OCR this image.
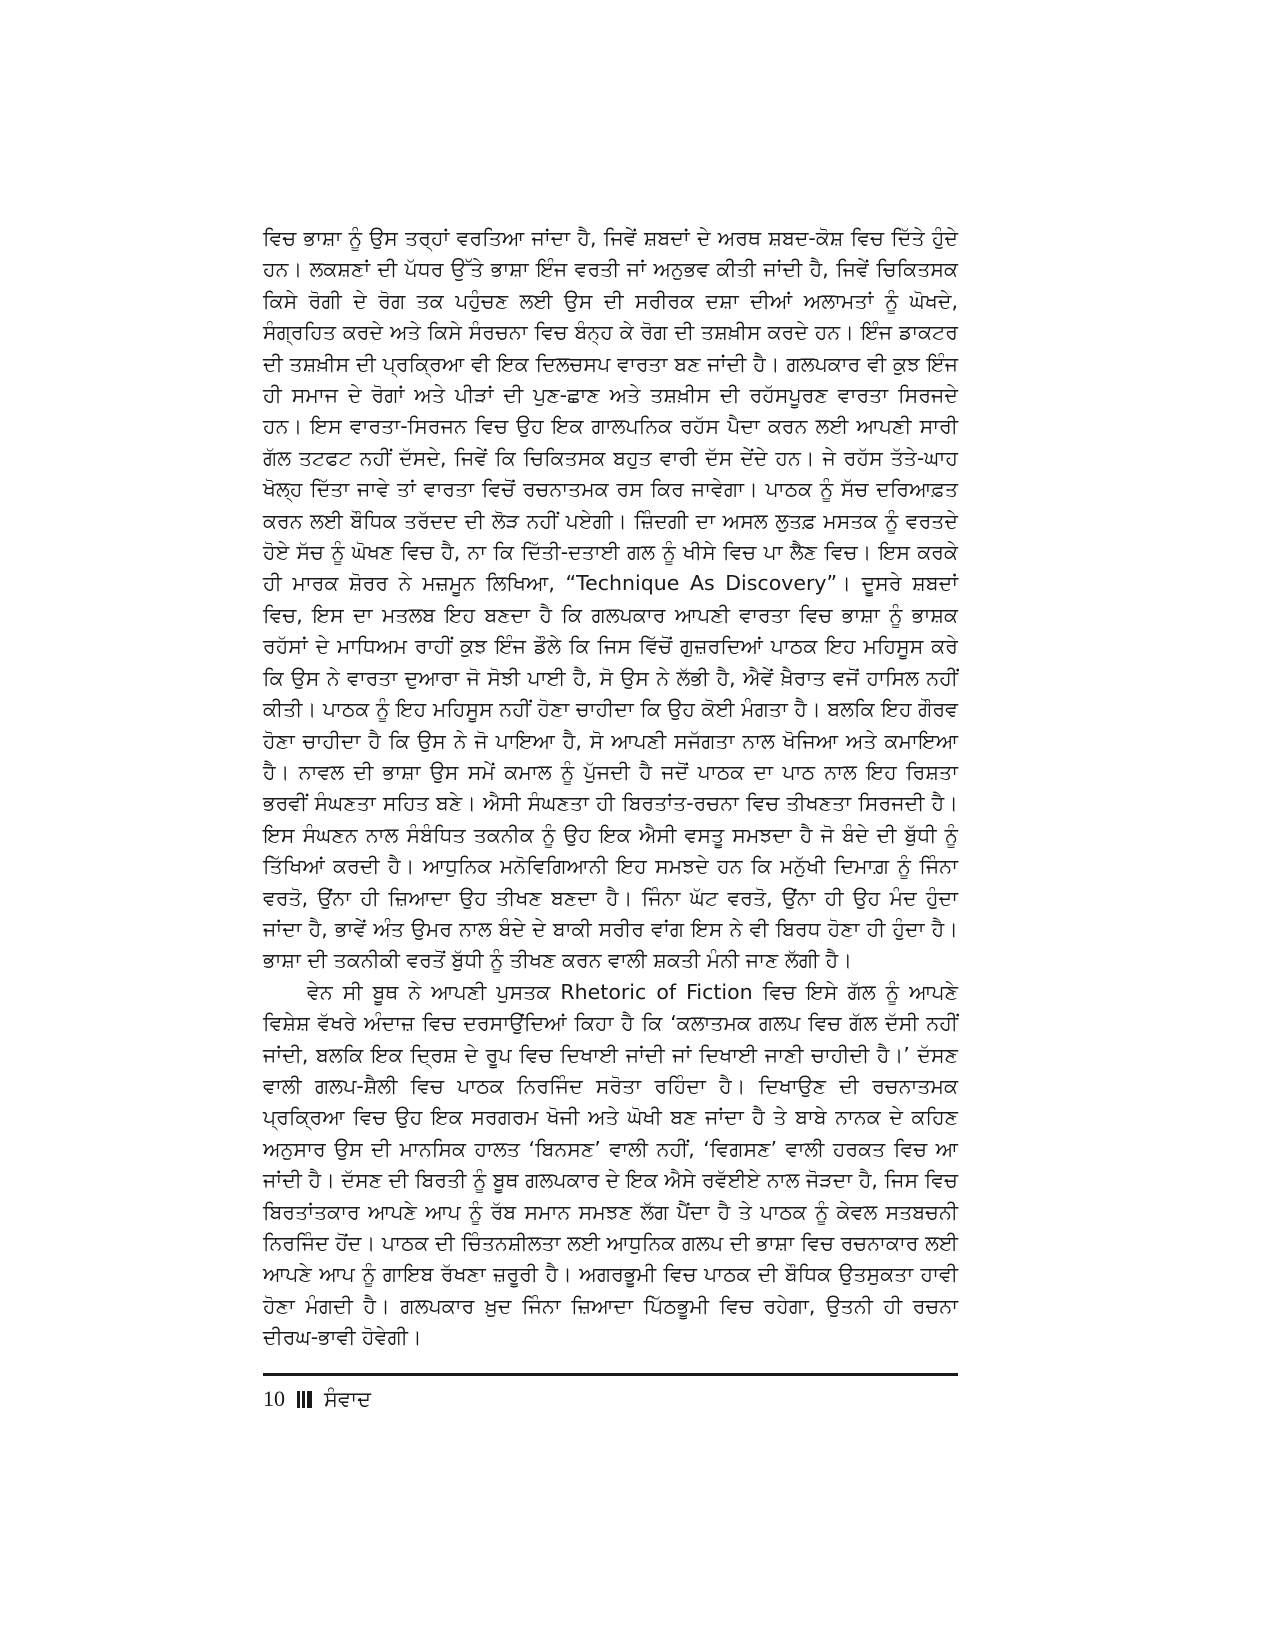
ਵਿਚ ਭਾਸ਼ਾ ਨੂੰ ਉਸ ਤਰ੍ਹਾਂ ਵਰਤਿਆ ਜਾਂਦਾ ਹੈ, ਜਿਵੇਂ ਸ਼ਬਦਾਂ ਦੇ ਅਰਥ ਸ਼ਬਦ-ਕੋਸ਼ ਵਿਚ ਦਿੱਤੇ ਹੁੰਦੇ ਹਨ। ਲਕਸ਼ਣਾਂ ਦੀ ਪੱਧਰ ਉੱਤੇ ਭਾਸ਼ਾ ਇੰਜ ਵਰਤੀ ਜਾਂ ਅਨੁਭਵ ਕੀਤੀ ਜਾਂਦੀ ਹੈ, ਜਿਵੇਂ ਚਿਕਿਤਸਕ ਕਿਸੇ ਰੋਗੀ ਦੇ ਰੋਗ ਤਕ ਪਹੁੰਚਣ ਲਈ ਉਸ ਦੀ ਸਰੀਰਕ ਦਸ਼ਾ ਦੀਆਂ ਅਲਾਮਤਾਂ ਨੂੰ ਘੋਖਦੇ, ਸੰਗ੍ਰਹਿਤ ਕਰਦੇ ਅਤੇ ਕਿਸੇ ਸੰਰਚਨਾ ਵਿਚ ਬੰਨ੍ਹ ਕੇ ਰੋਗ ਦੀ ਤਸ਼ਖ਼ੀਸ ਕਰਦੇ ਹਨ। ਇੰਜ ਡਾਕਟਰ ਦੀ ਤਸ਼ਖ਼ੀਸ ਦੀ ਪ੍ਰਕ੍ਰਿਆ ਵੀ ਇਕ ਦਿਲਚਸਪ ਵਾਰਤਾ ਬਣ ਜਾਂਦੀ ਹੈ। ਗਲਪਕਾਰ ਵੀ ਕੁਝ ਇੰਜ ਹੀ ਸਮਾਜ ਦੇ ਰੋਗਾਂ ਅਤੇ ਪੀੜਾਂ ਦੀ ਪੁਣ-ਛਾਣ ਅਤੇ ਤਸ਼ਖ਼ੀਸ ਦੀ ਰਹੱਸਪੂਰਣ ਵਾਰਤਾ ਸਿਰਜਦੇ ਹਨ। ਇਸ ਵਾਰਤਾ-ਸਿਰਜਨ ਵਿਚ ਉਹ ਇਕ ਗਾਲਪਨਿਕ ਰਹੱਸ ਪੈਦਾ ਕਰਨ ਲਈ ਆਪਣੀ ਸਾਰੀ ਗੱਲ ਤਟਫਟ ਨਹੀਂ ਦੱਸਦੇ, ਜਿਵੇਂ ਕਿ ਚਿਕਿਤਸਕ ਬਹੁਤ ਵਾਰੀ ਦੱਸ ਦੇਂਦੇ ਹਨ। ਜੇ ਰਹੱਸ ਤੱਤੇ-ਘਾਹ ਖੋਲ੍ਹ ਦਿੱਤਾ ਜਾਵੇ ਤਾਂ ਵਾਰਤਾ ਵਿਚੋਂ ਰਚਨਾਤਮਕ ਰਸ ਕਿਰ ਜਾਵੇਗਾ। ਪਾਠਕ ਨੂੰ ਸੱਚ ਦਰਿਆਫ਼ਤ ਕਰਨ ਲਈ ਬੌਧਿਕ ਤਰੱਦਦ ਦੀ ਲੋੜ ਨਹੀਂ ਪਏਗੀ। ਜ਼ਿੰਦਗੀ ਦਾ ਅਸਲ ਲੁਤਫ਼ ਮਸਤਕ ਨੂੰ ਵਰਤਦੇ ਹੋਏ ਸੱਚ ਨੂੰ ਘੋਖਣ ਵਿਚ ਹੈ, ਨਾ ਕਿ ਦਿੱਤੀ-ਦਤਾਈ ਗਲ ਨੂੰ ਖੀਸੇ ਵਿਚ ਪਾ ਲੈਣ ਵਿਚ। ਇਸ ਕਰਕੇ ਹੀ ਮਾਰਕ ਸ਼ੋਰਰ ਨੇ ਮਜ਼ਮੂਨ ਲਿਖਿਆ, “Technique As Discovery”। ਦੂਸਰੇ ਸ਼ਬਦਾਂ ਵਿਚ, ਇਸ ਦਾ ਮਤਲਬ ਇਹ ਬਣਦਾ ਹੈ ਕਿ ਗਲਪਕਾਰ ਆਪਣੀ ਵਾਰਤਾ ਵਿਚ ਭਾਸ਼ਾ ਨੂੰ ਭਾਸ਼ਕ ਰਹੱਸਾਂ ਦੇ ਮਾਧਿਅਮ ਰਾਹੀਂ ਕੁਝ ਇੰਜ ਡੌਲੇ ਕਿ ਜਿਸ ਵਿੱਚੋਂ ਗੁਜ਼ਰਦਿਆਂ ਪਾਠਕ ਇਹ ਮਹਿਸੂਸ ਕਰੇ ਕਿ ਉਸ ਨੇ ਵਾਰਤਾ ਦੁਆਰਾ ਜੋ ਸੋਝੀ ਪਾਈ ਹੈ, ਸੋ ਉਸ ਨੇ ਲੱਭੀ ਹੈ, ਐਵੇਂ ਖ਼ੈਰਾਤ ਵਜੋਂ ਹਾਸਿਲ ਨਹੀਂ ਕੀਤੀ। ਪਾਠਕ ਨੂੰ ਇਹ ਮਹਿਸੂਸ ਨਹੀਂ ਹੋਣਾ ਚਾਹੀਦਾ ਕਿ ਉਹ ਕੋਈ ਮੰਗਤਾ ਹੈ। ਬਲਕਿ ਇਹ ਗੌਰਵ ਹੋਣਾ ਚਾਹੀਦਾ ਹੈ ਕਿ ਉਸ ਨੇ ਜੋ ਪਾਇਆ ਹੈ, ਸੋ ਆਪਣੀ ਸਜੱਗਤਾ ਨਾਲ ਖੋਜਿਆ ਅਤੇ ਕਮਾਇਆ ਹੈ। ਨਾਵਲ ਦੀ ਭਾਸ਼ਾ ਉਸ ਸਮੇਂ ਕਮਾਲ ਨੂੰ ਪੁੱਜਦੀ ਹੈ ਜਦੋਂ ਪਾਠਕ ਦਾ ਪਾਠ ਨਾਲ ਇਹ ਰਿਸ਼ਤਾ ਭਰਵੀਂ ਸੰਘਣਤਾ ਸਹਿਤ ਬਣੇ। ਐਸੀ ਸੰਘਣਤਾ ਹੀ ਬਿਰਤਾਂਤ-ਰਚਨਾ ਵਿਚ ਤੀਖਣਤਾ ਸਿਰਜਦੀ ਹੈ। ਇਸ ਸੰਘਣਨ ਨਾਲ ਸੰਬੰਧਿਤ ਤਕਨੀਕ ਨੂੰ ਉਹ ਇਕ ਐਸੀ ਵਸਤੂ ਸਮਝਦਾ ਹੈ ਜੋ ਬੰਦੇ ਦੀ ਬੁੱਧੀ ਨੂੰ ਤਿੱਖਿਆਂ ਕਰਦੀ ਹੈ। ਆਧੁਨਿਕ ਮਨੋਵਿਗਿਆਨੀ ਇਹ ਸਮਝਦੇ ਹਨ ਕਿ ਮਨੁੱਖੀ ਦਿਮਾਗ਼ ਨੂੰ ਜਿੰਨਾ ਵਰਤੋ, ਉਂਨਾ ਹੀ ਜ਼ਿਆਦਾ ਉਹ ਤੀਖਣ ਬਣਦਾ ਹੈ। ਜਿੰਨਾ ਘੱਟ ਵਰਤੋ, ਉਂਨਾ ਹੀ ਉਹ ਮੰਦ ਹੁੰਦਾ ਜਾਂਦਾ ਹੈ, ਭਾਵੇਂ ਅੰਤ ਉਮਰ ਨਾਲ ਬੰਦੇ ਦੇ ਬਾਕੀ ਸਰੀਰ ਵਾਂਗ ਇਸ ਨੇ ਵੀ ਬਿਰਧ ਹੋਣਾ ਹੀ ਹੁੰਦਾ ਹੈ। ਭਾਸ਼ਾ ਦੀ ਤਕਨੀਕੀ ਵਰਤੋਂ ਬੁੱਧੀ ਨੂੰ ਤੀਖਣ ਕਰਨ ਵਾਲੀ ਸ਼ਕਤੀ ਮੰਨੀ ਜਾਣ ਲੱਗੀ ਹੈ।

ਵੇਨ ਸੀ ਬੂਥ ਨੇ ਆਪਣੀ ਪੁਸਤਕ Rhetoric of Fiction ਵਿਚ ਇਸੇ ਗੱਲ ਨੂੰ ਆਪਣੇ ਵਿਸ਼ੇਸ਼ ਵੱਖਰੇ ਅੰਦਾਜ਼ ਵਿਚ ਦਰਸਾਉਂਦਿਆਂ ਕਿਹਾ ਹੈ ਕਿ ‘ਕਲਾਤਮਕ ਗਲਪ ਵਿਚ ਗੱਲ ਦੱਸੀ ਨਹੀਂ ਜਾਂਦੀ, ਬਲਕਿ ਇਕ ਦ੍ਰਿਸ਼ ਦੇ ਰੂਪ ਵਿਚ ਦਿਖਾਈ ਜਾਂਦੀ ਜਾਂ ਦਿਖਾਈ ਜਾਣੀ ਚਾਹੀਦੀ ਹੈ।’ ਦੱਸਣ ਵਾਲੀ ਗਲਪ-ਸ਼ੈਲੀ ਵਿਚ ਪਾਠਕ ਨਿਰਜਿੰਦ ਸਰੋਤਾ ਰਹਿੰਦਾ ਹੈ। ਦਿਖਾਉਣ ਦੀ ਰਚਨਾਤਮਕ ਪ੍ਰਕ੍ਰਿਆ ਵਿਚ ਉਹ ਇਕ ਸਰਗਰਮ ਖੋਜੀ ਅਤੇ ਘੋਖੀ ਬਣ ਜਾਂਦਾ ਹੈ ਤੇ ਬਾਬੇ ਨਾਨਕ ਦੇ ਕਹਿਣ ਅਨੁਸਾਰ ਉਸ ਦੀ ਮਾਨਸਿਕ ਹਾਲਤ ‘ਬਿਨਸਣ’ ਵਾਲੀ ਨਹੀਂ, ‘ਵਿਗਸਣ’ ਵਾਲੀ ਹਰਕਤ ਵਿਚ ਆ ਜਾਂਦੀ ਹੈ। ਦੱਸਣ ਦੀ ਬਿਰਤੀ ਨੂੰ ਬੂਥ ਗਲਪਕਾਰ ਦੇ ਇਕ ਐਸੇ ਰਵੱਈਏ ਨਾਲ ਜੋੜਦਾ ਹੈ, ਜਿਸ ਵਿਚ ਬਿਰਤਾਂਤਕਾਰ ਆਪਣੇ ਆਪ ਨੂੰ ਰੱਬ ਸਮਾਨ ਸਮਝਣ ਲੱਗ ਪੈਂਦਾ ਹੈ ਤੇ ਪਾਠਕ ਨੂੰ ਕੇਵਲ ਸਤਬਚਨੀ ਨਿਰਜਿੰਦ ਹੋਂਦ। ਪਾਠਕ ਦੀ ਚਿੰਤਨਸ਼ੀਲਤਾ ਲਈ ਆਧੁਨਿਕ ਗਲਪ ਦੀ ਭਾਸ਼ਾ ਵਿਚ ਰਚਨਾਕਾਰ ਲਈ ਆਪਣੇ ਆਪ ਨੂੰ ਗਾਇਬ ਰੱਖਣਾ ਜ਼ਰੂਰੀ ਹੈ। ਅਗਰਭੂਮੀ ਵਿਚ ਪਾਠਕ ਦੀ ਬੌਧਿਕ ਉਤਸੁਕਤਾ ਹਾਵੀ ਹੋਣਾ ਮੰਗਦੀ ਹੈ। ਗਲਪਕਾਰ ਖ਼ੁਦ ਜਿੰਨਾ ਜ਼ਿਆਦਾ ਪਿੱਠਭੂਮੀ ਵਿਚ ਰਹੇਗਾ, ਉਤਨੀ ਹੀ ਰਚਨਾ ਦੀਰਘ-ਭਾਵੀ ਹੋਵੇਗੀ।

10 ਸੰਵਾਦ
